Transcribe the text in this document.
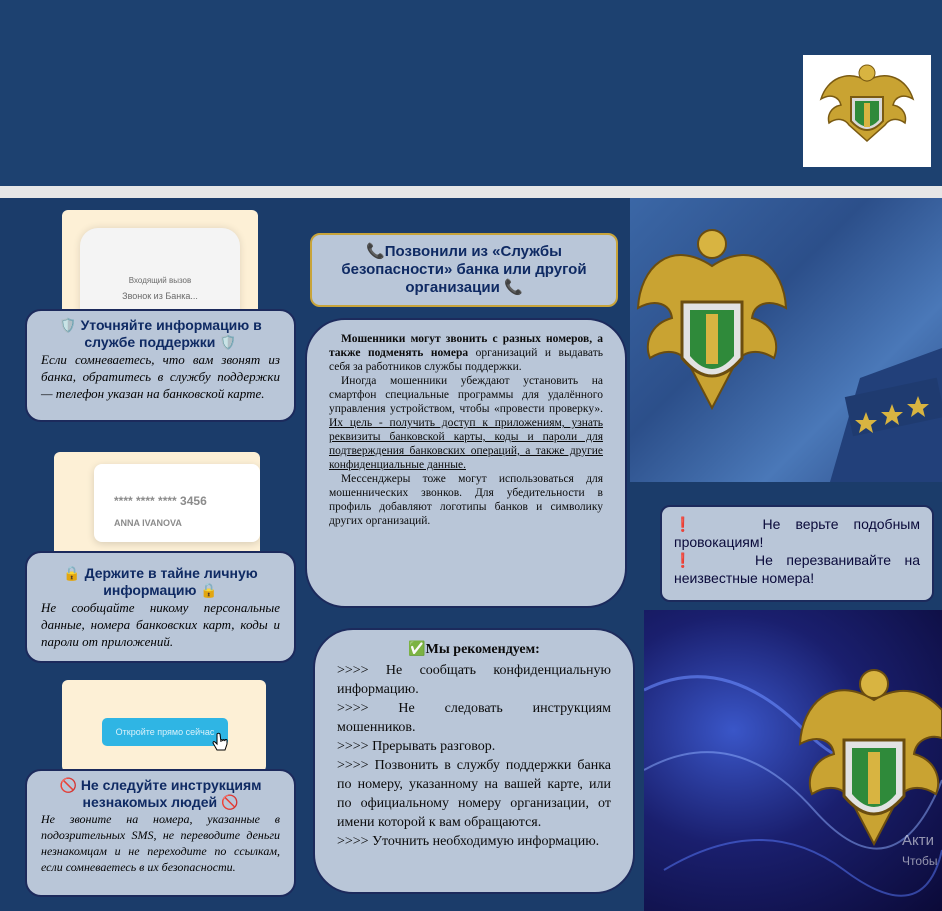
Входящий вызов
Звонок из Банка...
🛡️ Уточняйте информацию в службе поддержки 🛡️

Если сомневаетесь, что вам звонят из банка, обратитесь в службу поддержки — телефон указан на банковской карте.

**** **** **** 3456
ANNA IVANOVA
🔒 Держите в тайне личную информацию 🔒

Не сообщайте никому персональные данные, номера банковских карт, коды и пароли от приложений.

Откройте прямо сейчас
🚫 Не следуйте инструкциям незнакомых людей 🚫

Не звоните на номера, указанные в подозрительных SMS, не переводите деньги незнакомцам и не переходите по ссылкам, если сомневаетесь в их безопасности.

📞Позвонили из «Службы безопасности» банка или другой организации 📞

Мошенники могут звонить с разных номеров, а также подменять номера организаций и выдавать себя за работников службы поддержки.

Иногда мошенники убеждают установить на смартфон специальные программы для удалённого управления устройством, чтобы «провести проверку». Их цель - получить доступ к приложениям, узнать реквизиты банковской карты, коды и пароли для подтверждения банковских операций, а также другие конфиденциальные данные.

Мессенджеры тоже могут использоваться для мошеннических звонков. Для убедительности в профиль добавляют логотипы банков и символику других организаций.

✅Мы рекомендуем:

>>>> Не сообщать конфиденциальную информацию.

>>>> Не следовать инструкциям мошенников.

>>>> Прерывать разговор.

>>>> Позвонить в службу поддержки банка по номеру, указанному на вашей карте, или по официальному номеру организации, от имени которой к вам обращаются.

>>>> Уточнить необходимую информацию.

❗	Не верьте подобным провокациям!

❗	Не перезванивайте на неизвестные номера!

Акти
Чтобы
